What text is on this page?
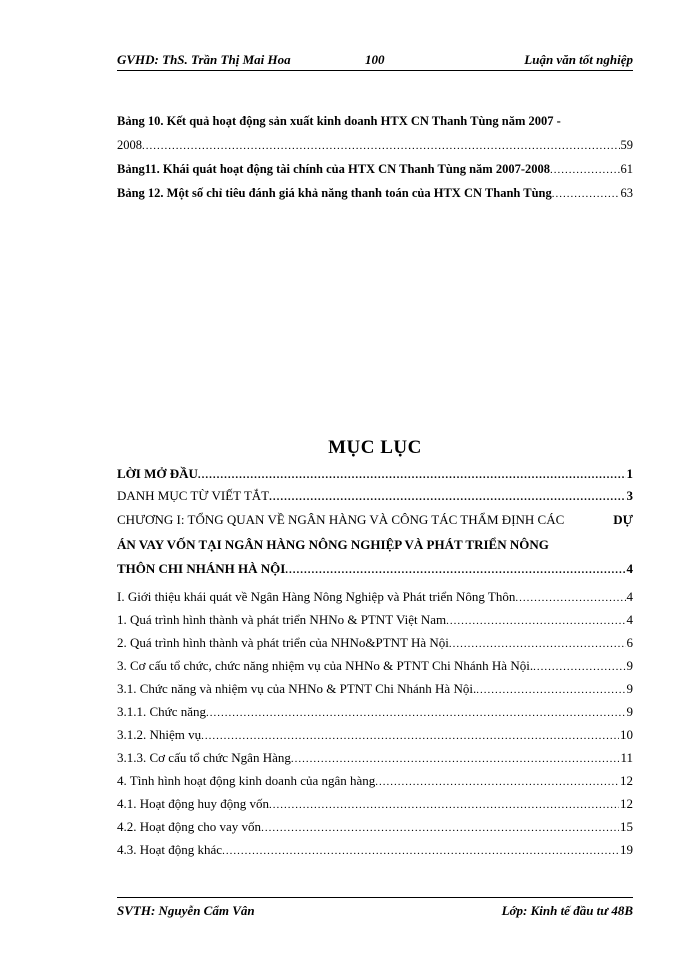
GVHD: ThS. Trần Thị Mai Hoa	100	Luận văn tốt nghiệp
Bảng 10. Kết quả hoạt động sản xuất kinh doanh HTX CN Thanh Tùng năm 2007 -
2008 .....	59
Bảng11. Khái quát hoạt động tài chính của HTX CN Thanh Tùng năm 2007-2008 .....	61
Bảng 12. Một số chỉ tiêu đánh giá khả năng thanh toán của HTX CN Thanh Tùng .....	63
MỤC LỤC
LỜI MỞ ĐẦU .....	1
DANH MỤC TỪ VIẾT TẮT .....	3
CHƯƠNG I: TỔNG QUAN VỀ NGÂN HÀNG VÀ CÔNG TÁC THẨM ĐỊNH CÁC	DỰ
ÁN VAY VỐN TẠI NGÂN HÀNG NÔNG NGHIỆP VÀ PHÁT TRIỂN NÔNG
THÔN CHI NHÁNH HÀ NỘI .....	4
I. Giới thiệu khái quát về Ngân Hàng Nông Nghiệp và Phát triển Nông Thôn .....	4
1. Quá trình hình thành và phát triển NHNo & PTNT Việt Nam .....	4
2. Quá trình hình thành và phát triển của NHNo&PTNT Hà Nội .....	6
3. Cơ cấu tổ chức, chức năng nhiệm vụ của NHNo & PTNT Chi Nhánh Hà Nội. .....	9
3.1. Chức năng và nhiệm vụ của NHNo & PTNT Chi Nhánh Hà Nội. .....	9
3.1.1. Chức năng .....	9
3.1.2. Nhiệm vụ .....	10
3.1.3. Cơ cấu tổ chức Ngân Hàng .....	11
4. Tình hình hoạt động kinh doanh của ngân hàng .....	12
4.1. Hoạt động huy động vốn .....	12
4.2. Hoạt động cho vay vốn .....	15
4.3. Hoạt động khác .....	19
SVTH: Nguyễn Cẩm Vân	Lớp: Kinh tế đầu tư 48B
